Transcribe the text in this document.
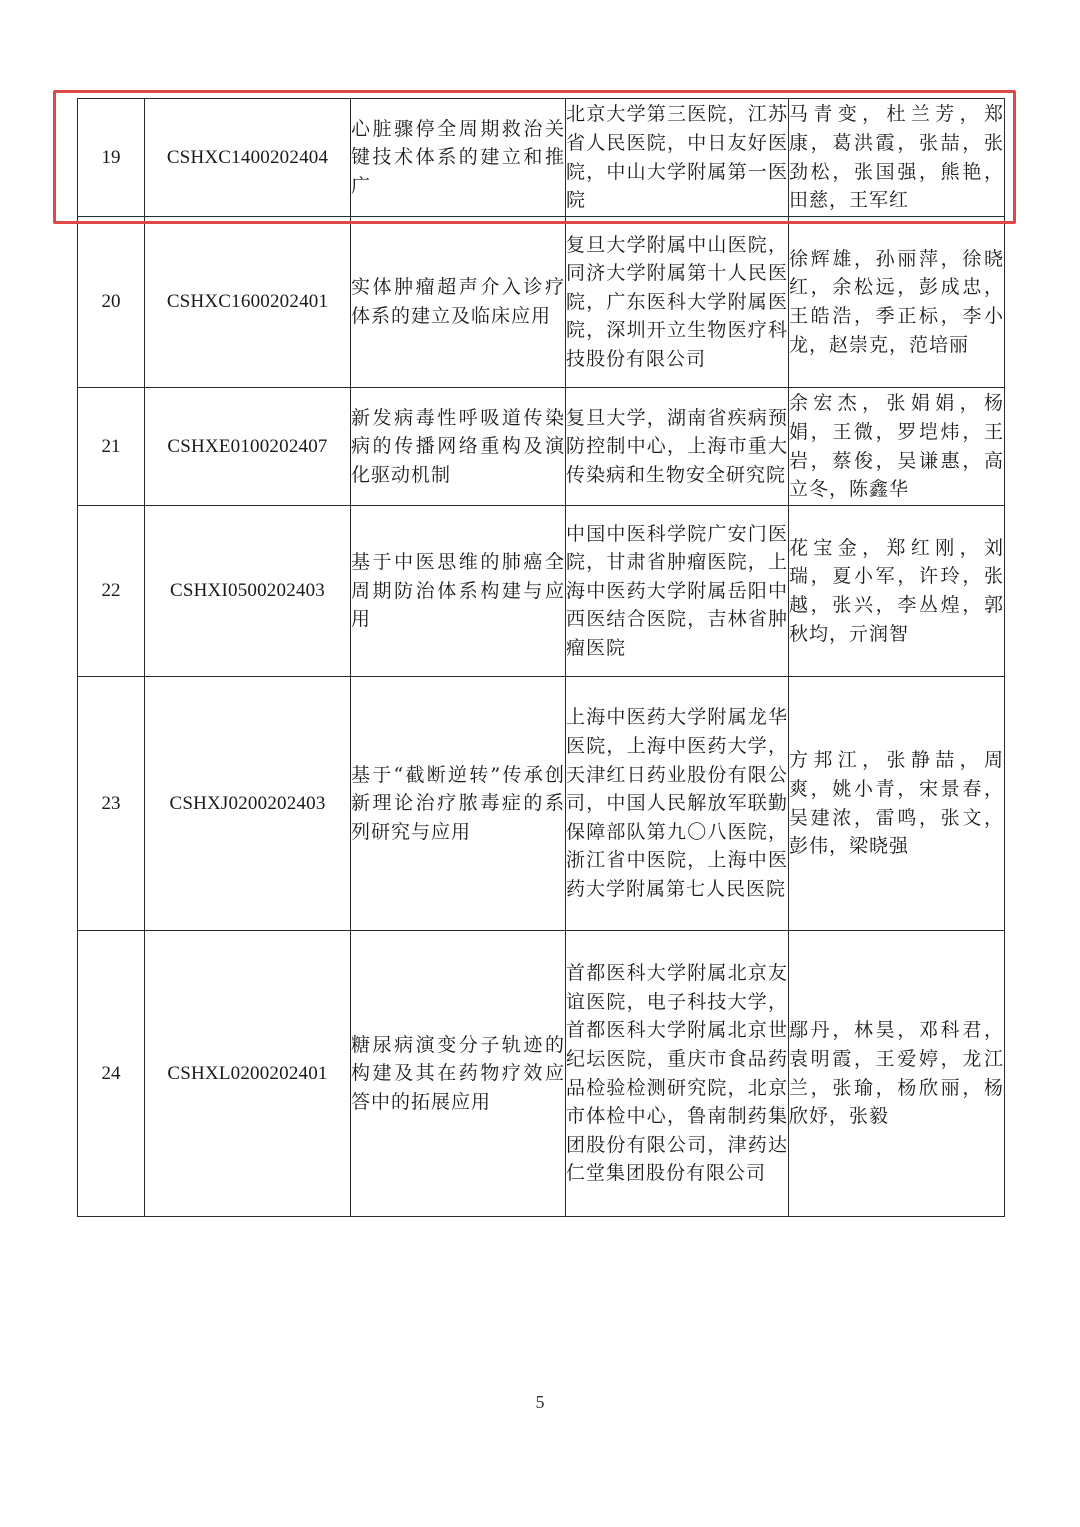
19	CSHXC1400202404	心脏骤停全周期救治关键技术体系的建立和推广	北京大学第三医院，江苏省人民医院，中日友好医院，中山大学附属第一医院	马青变，杜兰芳，郑康，葛洪霞，张喆，张劲松，张国强，熊艳，田慈，王军红
20	CSHXC1600202401	实体肿瘤超声介入诊疗体系的建立及临床应用	复旦大学附属中山医院，同济大学附属第十人民医院，广东医科大学附属医院，深圳开立生物医疗科技股份有限公司	徐辉雄，孙丽萍，徐晓红，余松远，彭成忠，王皓浩，季正标，李小龙，赵崇克，范培丽
21	CSHXE0100202407	新发病毒性呼吸道传染病的传播网络重构及演化驱动机制	复旦大学，湖南省疾病预防控制中心，上海市重大传染病和生物安全研究院	余宏杰，张娟娟，杨娟，王微，罗垲炜，王岩，蔡俊，吴谦惠，高立冬，陈鑫华
22	CSHXI0500202403	基于中医思维的肺癌全周期防治体系构建与应用	中国中医科学院广安门医院，甘肃省肿瘤医院，上海中医药大学附属岳阳中西医结合医院，吉林省肿瘤医院	花宝金，郑红刚，刘瑞，夏小军，许玲，张越，张兴，李丛煌，郭秋均，亓润智
23	CSHXJ0200202403	基于“截断逆转”传承创新理论治疗脓毒症的系列研究与应用	上海中医药大学附属龙华医院，上海中医药大学，天津红日药业股份有限公司，中国人民解放军联勤保障部队第九〇八医院，浙江省中医院，上海中医药大学附属第七人民医院	方邦江，张静喆，周爽，姚小青，宋景春，吴建浓，雷鸣，张文，彭伟，梁晓强
24	CSHXL0200202401	糖尿病演变分子轨迹的构建及其在药物疗效应答中的拓展应用	首都医科大学附属北京友谊医院，电子科技大学，首都医科大学附属北京世纪坛医院，重庆市食品药品检验检测研究院，北京市体检中心，鲁南制药集团股份有限公司，津药达仁堂集团股份有限公司	鄢丹，林昊，邓科君，袁明霞，王爱婷，龙江兰，张瑜，杨欣丽，杨欣妤，张毅
5
